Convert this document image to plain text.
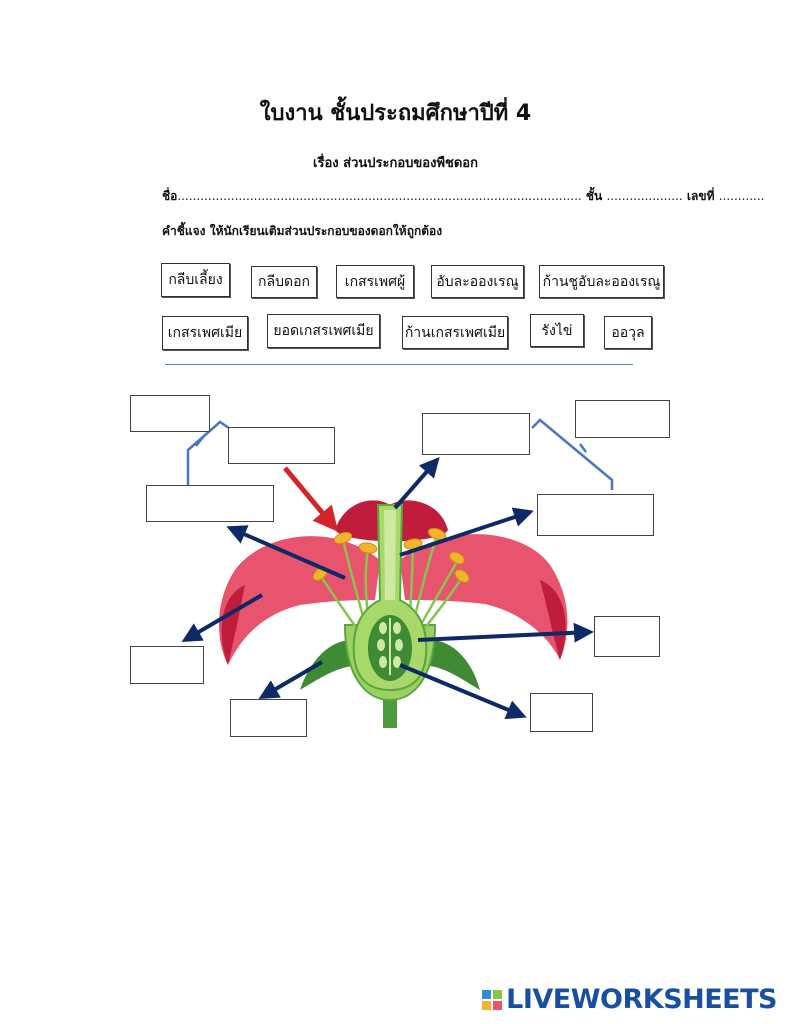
ใบงาน ชั้นประถมศึกษาปีที่ 4
เรื่อง ส่วนประกอบของพืชดอก
ชื่อ.......................................................................................................... ชั้น .................... เลขที่ ............
คำชี้แจง ให้นักเรียนเติมส่วนประกอบของดอกให้ถูกต้อง
กลีบเลี้ยง	กลีบดอก	เกสรเพศผู้	อับละอองเรณู	ก้านชูอับละอองเรณู
เกสรเพศเมีย	ยอดเกสรเพศเมีย	ก้านเกสรเพศเมีย	รังไข่	ออวุล
LIVEWORKSHEETS
